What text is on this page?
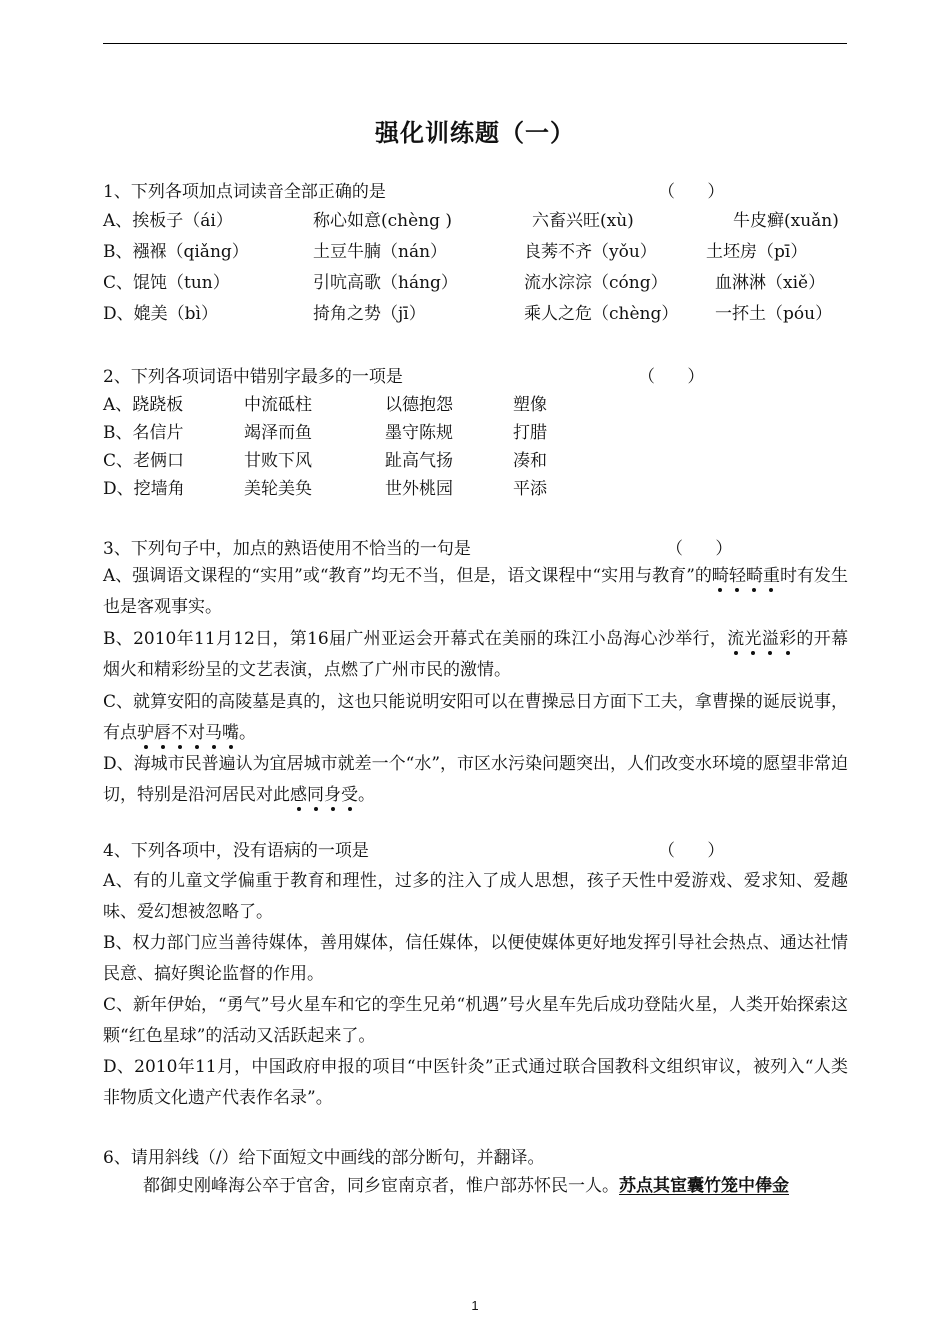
强化训练题（一）
1、下列各项加点词读音全部正确的是	（      ）
A、挨板子（ái）	称心如意(chèng )	六畜兴旺(xù)	牛皮癣(xuǎn)
B、襁褓（qiǎng）	土豆牛腩（nán）	良莠不齐（yǒu）	土坯房（pī）
C、馄饨（tun）	引吭高歌（háng）	流水淙淙（cóng）	血淋淋（xiě）
D、媲美（bì）	掎角之势（jī）	乘人之危（chèng） 一抔土（póu）
2、下列各项词语中错别字最多的一项是	（      ）
A、跷跷板	中流砥柱	以德抱怨	塑像
B、名信片	竭泽而鱼	墨守陈规	打腊
C、老俩口	甘败下风	趾高气扬	凑和
D、挖墙角	美轮美奂	世外桃园	平添
3、下列句子中，加点的熟语使用不恰当的一句是	（      ）
A、强调语文课程的“实用”或“教育”均无不当，但是，语文课程中“实用与教育”的畸轻畸重时有发生也是客观事实。
B、2010年11月12日，第16届广州亚运会开幕式在美丽的珠江小岛海心沙举行，流光溢彩的开幕烟火和精彩纷呈的文艺表演，点燃了广州市民的激情。
C、就算安阳的高陵墓是真的，这也只能说明安阳可以在曹操忌日方面下工夫，拿曹操的诞辰说事，有点驴唇不对马嘴。
D、海城市民普遍认为宜居城市就差一个“水”，市区水污染问题突出，人们改变水环境的愿望非常迫切，特别是沿河居民对此感同身受。
4、下列各项中，没有语病的一项是	（      ）
A、有的儿童文学偏重于教育和理性，过多的注入了成人思想，孩子天性中爱游戏、爱求知、爱趣味、爱幻想被忽略了。
B、权力部门应当善待媒体，善用媒体，信任媒体，以便使媒体更好地发挥引导社会热点、通达社情民意、搞好舆论监督的作用。
C、新年伊始，“勇气”号火星车和它的孪生兄弟“机遇”号火星车先后成功登陆火星，人类开始探索这颗“红色星球”的活动又活跃起来了。
D、2010年11月，中国政府申报的项目“中医针灸”正式通过联合国教科文组织审议，被列入“人类非物质文化遗产代表作名录”。
6、请用斜线（/）给下面短文中画线的部分断句，并翻译。
都御史刚峰海公卒于官舍，同乡宦南京者，惟户部苏怀民一人。苏点其宦囊竹笼中俸金
1
